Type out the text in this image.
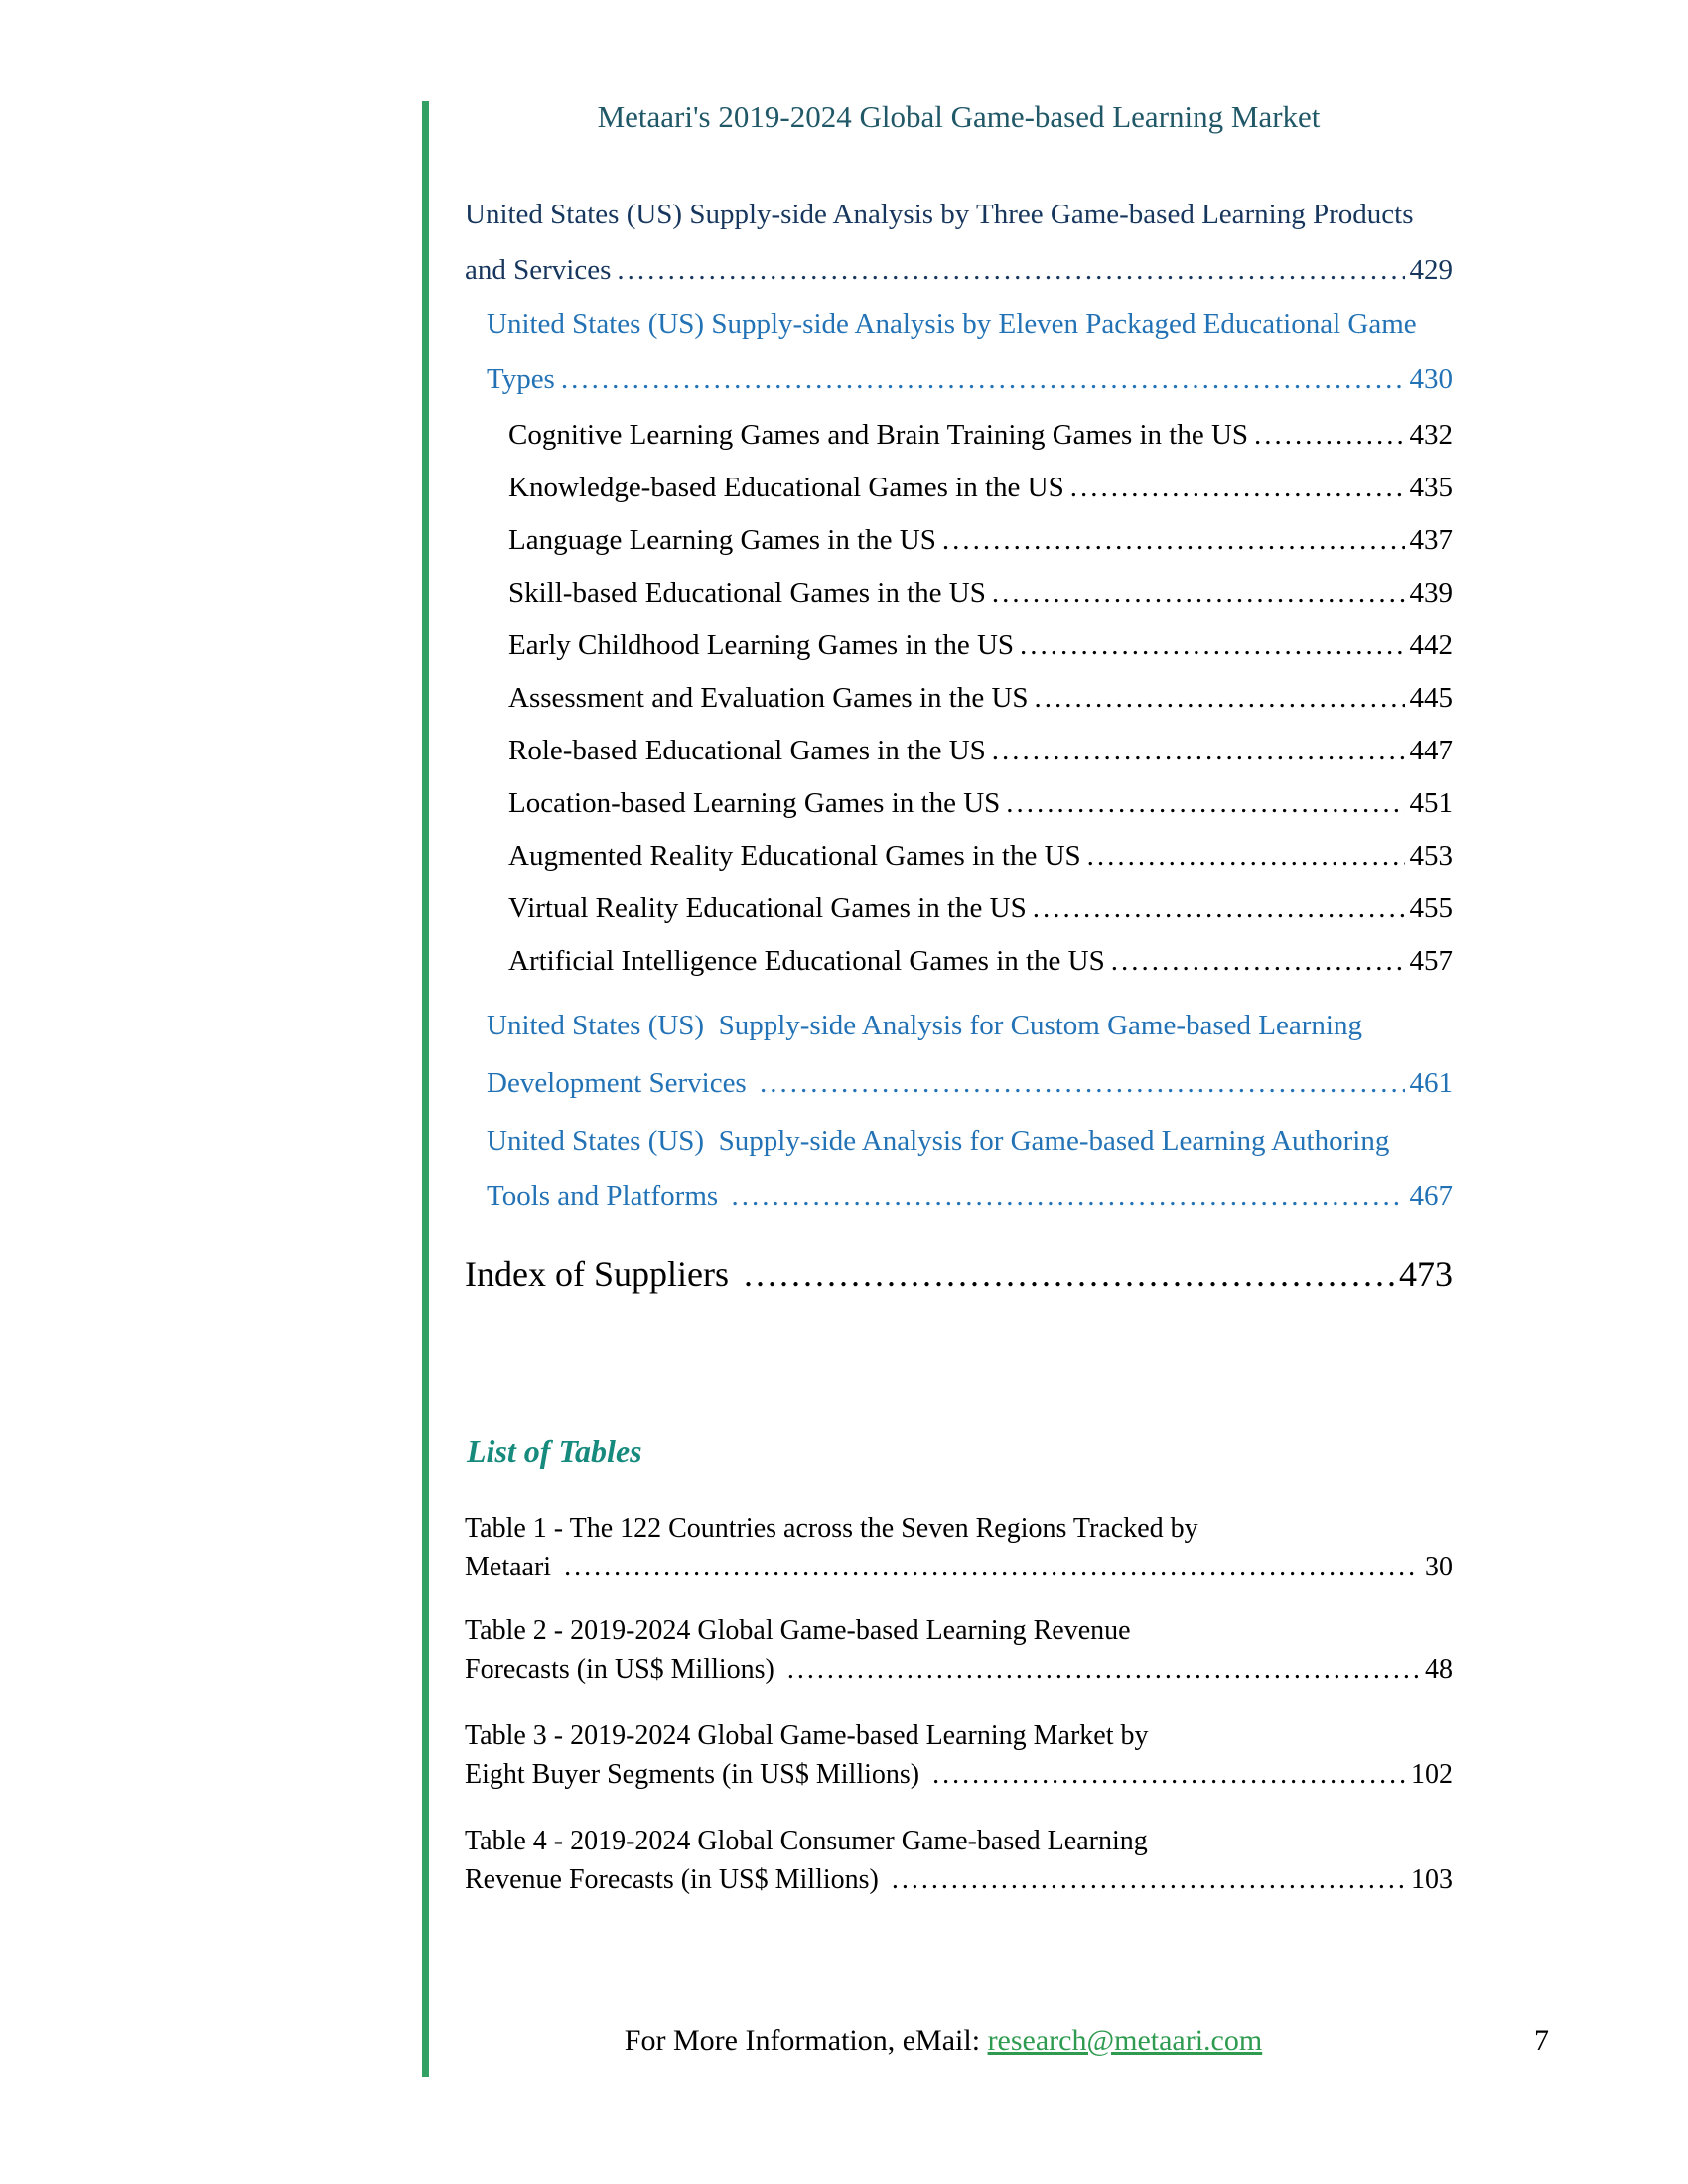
Metaari's 2019-2024 Global Game-based Learning Market
United States (US) Supply-side Analysis by Three Game-based Learning Products
and Services .....	429
United States (US) Supply-side Analysis by Eleven Packaged Educational Game
Types .....	430
Cognitive Learning Games and Brain Training Games in the US .....	432
Knowledge-based Educational Games in the US .....	435
Language Learning Games in the US .....	437
Skill-based Educational Games in the US .....	439
Early Childhood Learning Games in the US .....	442
Assessment and Evaluation Games in the US .....	445
Role-based Educational Games in the US .....	447
Location-based Learning Games in the US .....	451
Augmented Reality Educational Games in the US .....	453
Virtual Reality Educational Games in the US .....	455
Artificial Intelligence Educational Games in the US .....	457
United States (US)  Supply-side Analysis for Custom Game-based Learning
Development Services .....	461
United States (US)  Supply-side Analysis for Game-based Learning Authoring
Tools and Platforms .....	467
Index of Suppliers .....	473
List of Tables
Table 1 - The 122 Countries across the Seven Regions Tracked by
Metaari .....	30
Table 2 - 2019-2024 Global Game-based Learning Revenue
Forecasts (in US$ Millions) .....	48
Table 3 - 2019-2024 Global Game-based Learning Market by
Eight Buyer Segments (in US$ Millions) .....	102
Table 4 - 2019-2024 Global Consumer Game-based Learning
Revenue Forecasts (in US$ Millions) .....	103
For More Information, eMail: research@metaari.com	7
